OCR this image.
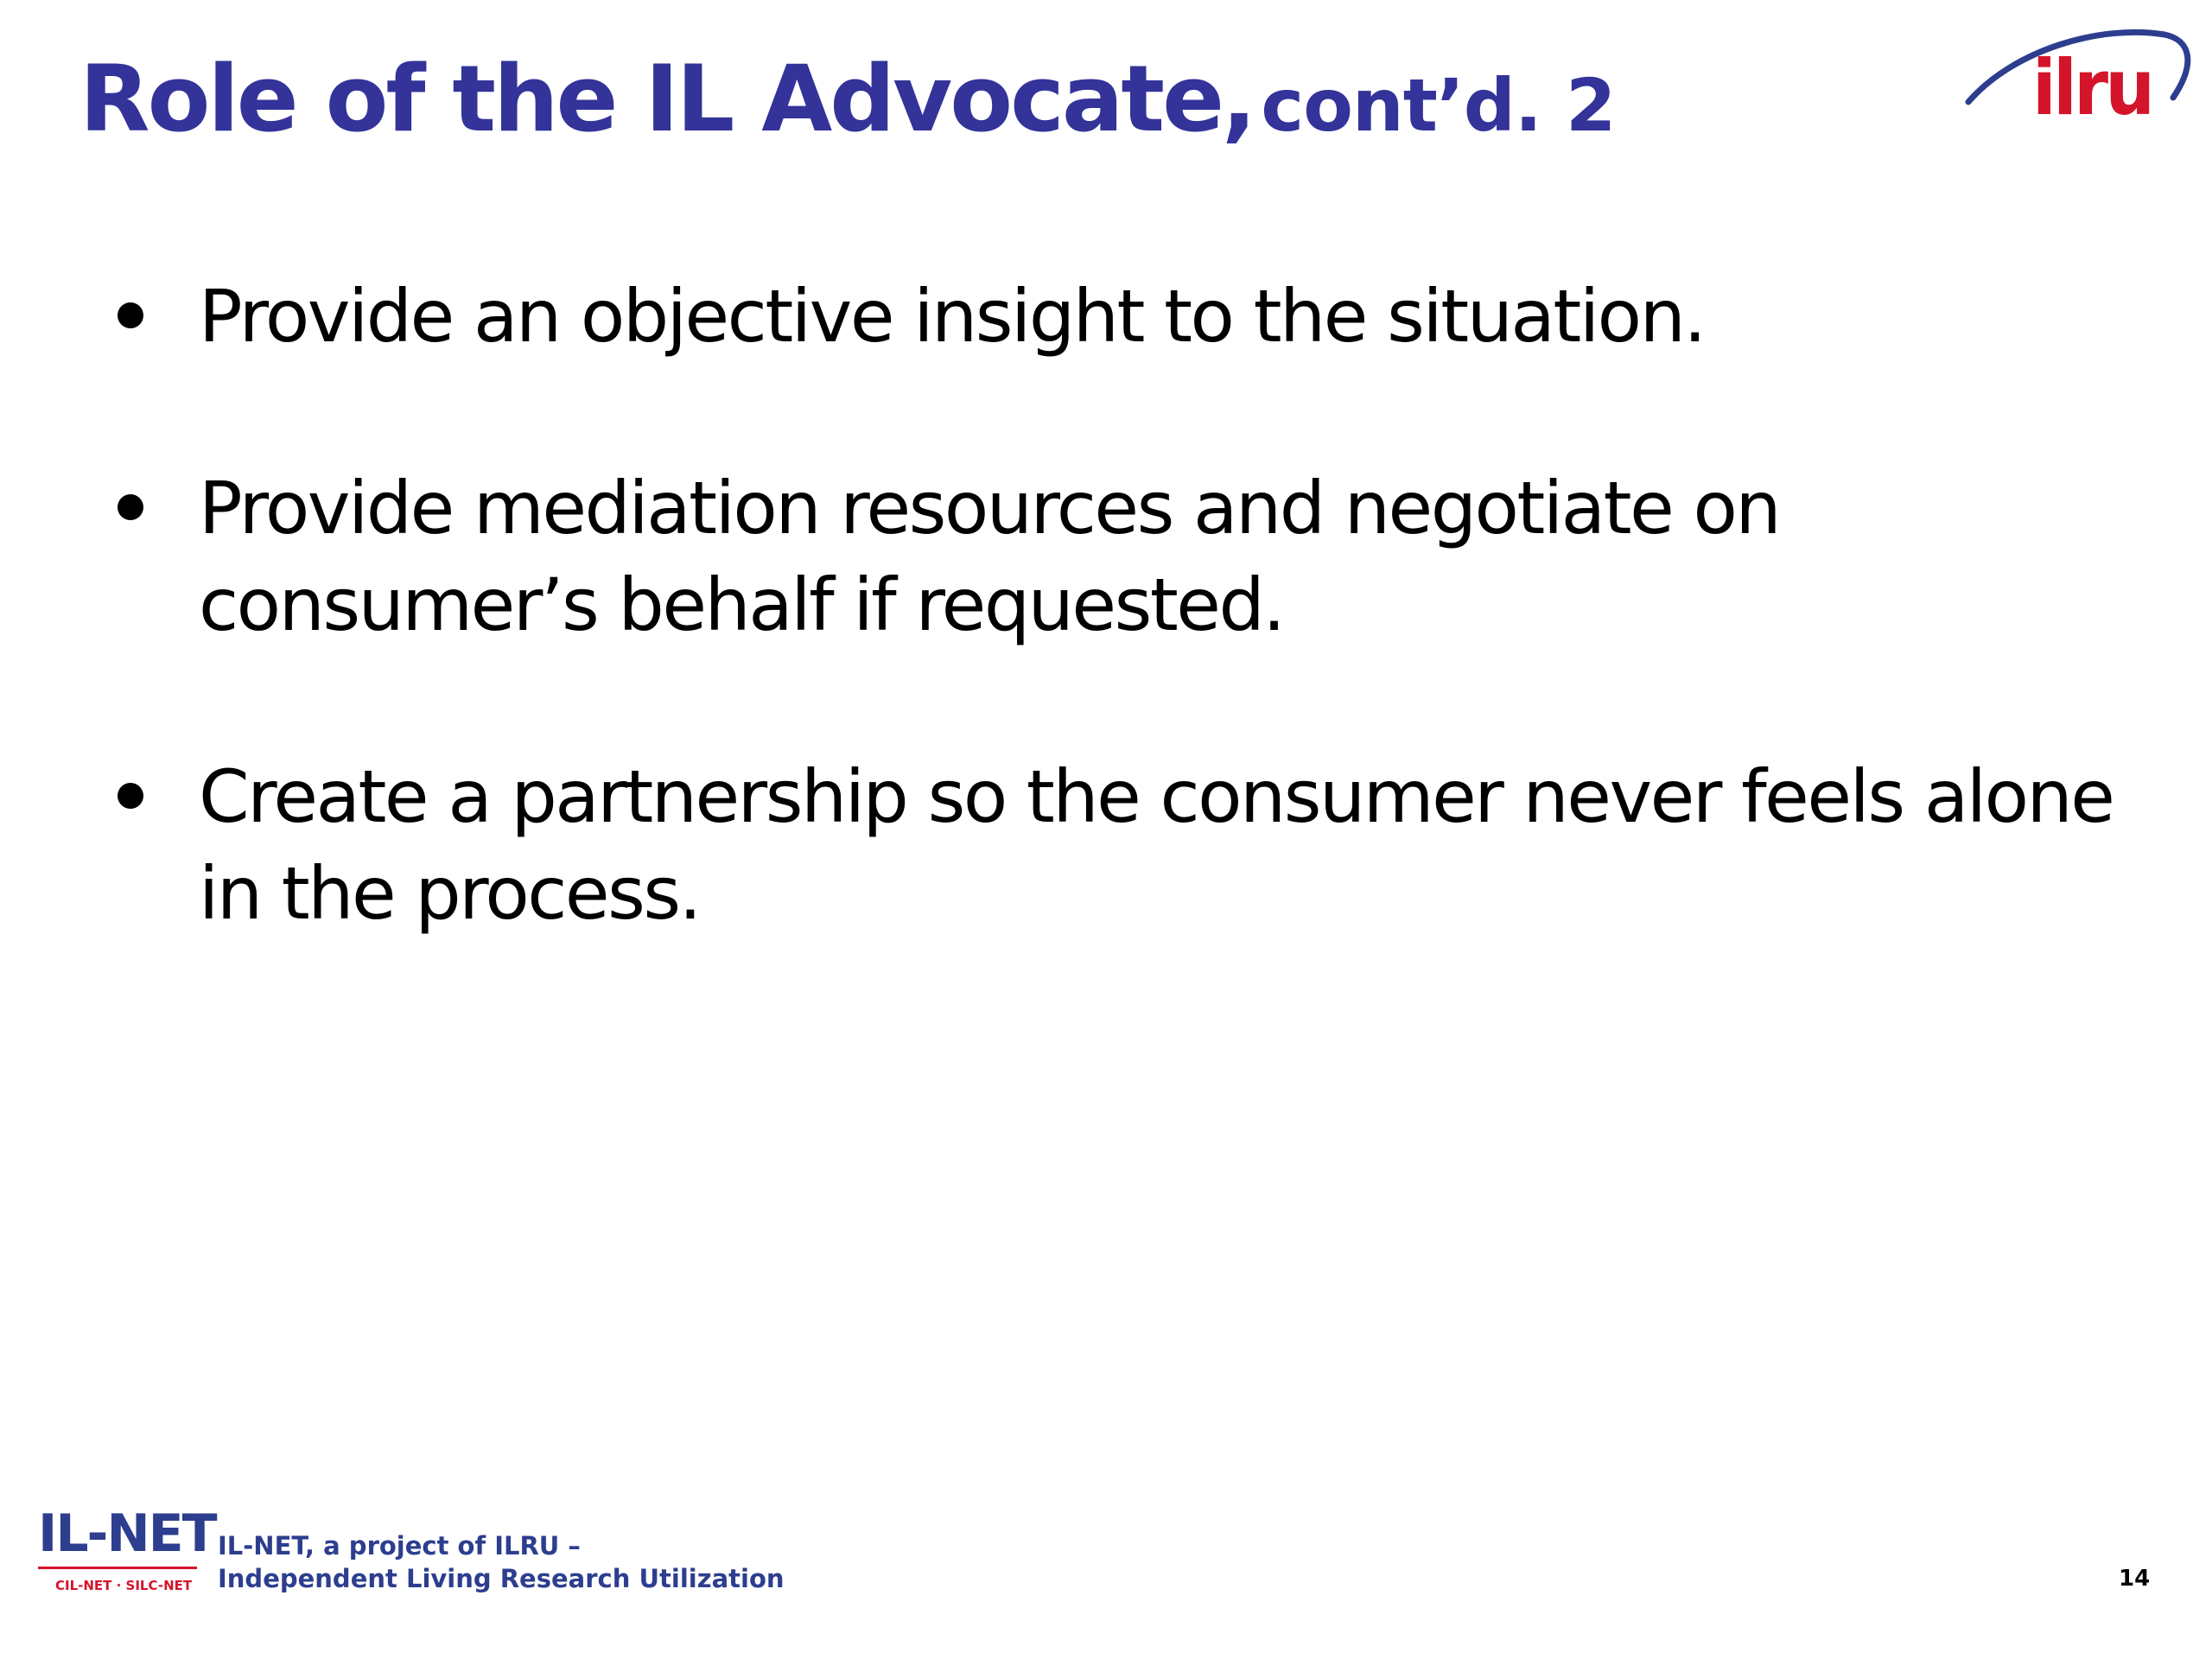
Role of the IL Advocate, cont’d. 2	ilru
Provide an objective insight to the situation.
Provide mediation resources and negotiate on consumer’s behalf if requested.
Create a partnership so the consumer never feels alone in the process.
IL-NET
CIL-NET · SILC-NET
IL-NET, a project of ILRU –
Independent Living Research Utilization	14
